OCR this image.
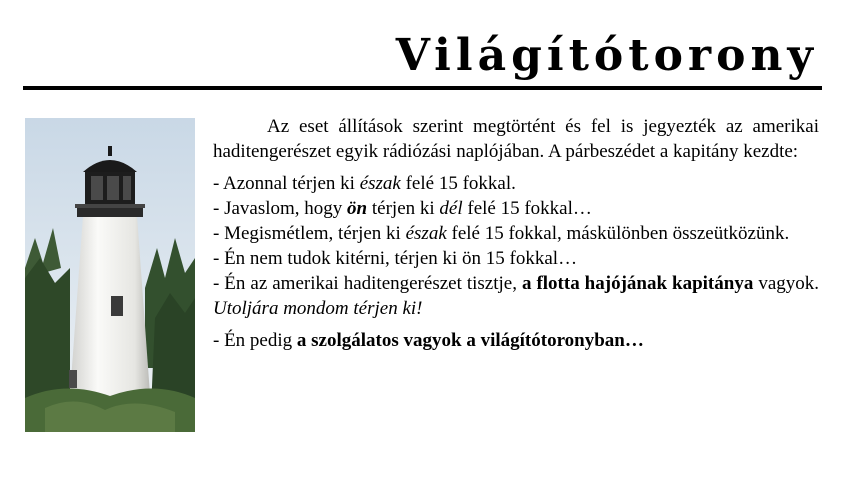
Világítótorony

Az eset állítások szerint megtörtént és fel is jegyezték az amerikai haditengerészet egyik rádiózási naplójában. A párbeszédet a kapitány kezdte:

- Azonnal térjen ki észak felé 15 fokkal.

- Javaslom, hogy ön térjen ki dél felé 15 fokkal…

- Megismétlem, térjen ki észak felé 15 fokkal, máskülönben összeütközünk.

- Én nem tudok kitérni, térjen ki ön 15 fokkal…

- Én az amerikai haditengerészet tisztje, a flotta hajójának kapitánya vagyok. Utoljára mondom térjen ki!

- Én pedig a szolgálatos vagyok a világítótoronyban…
